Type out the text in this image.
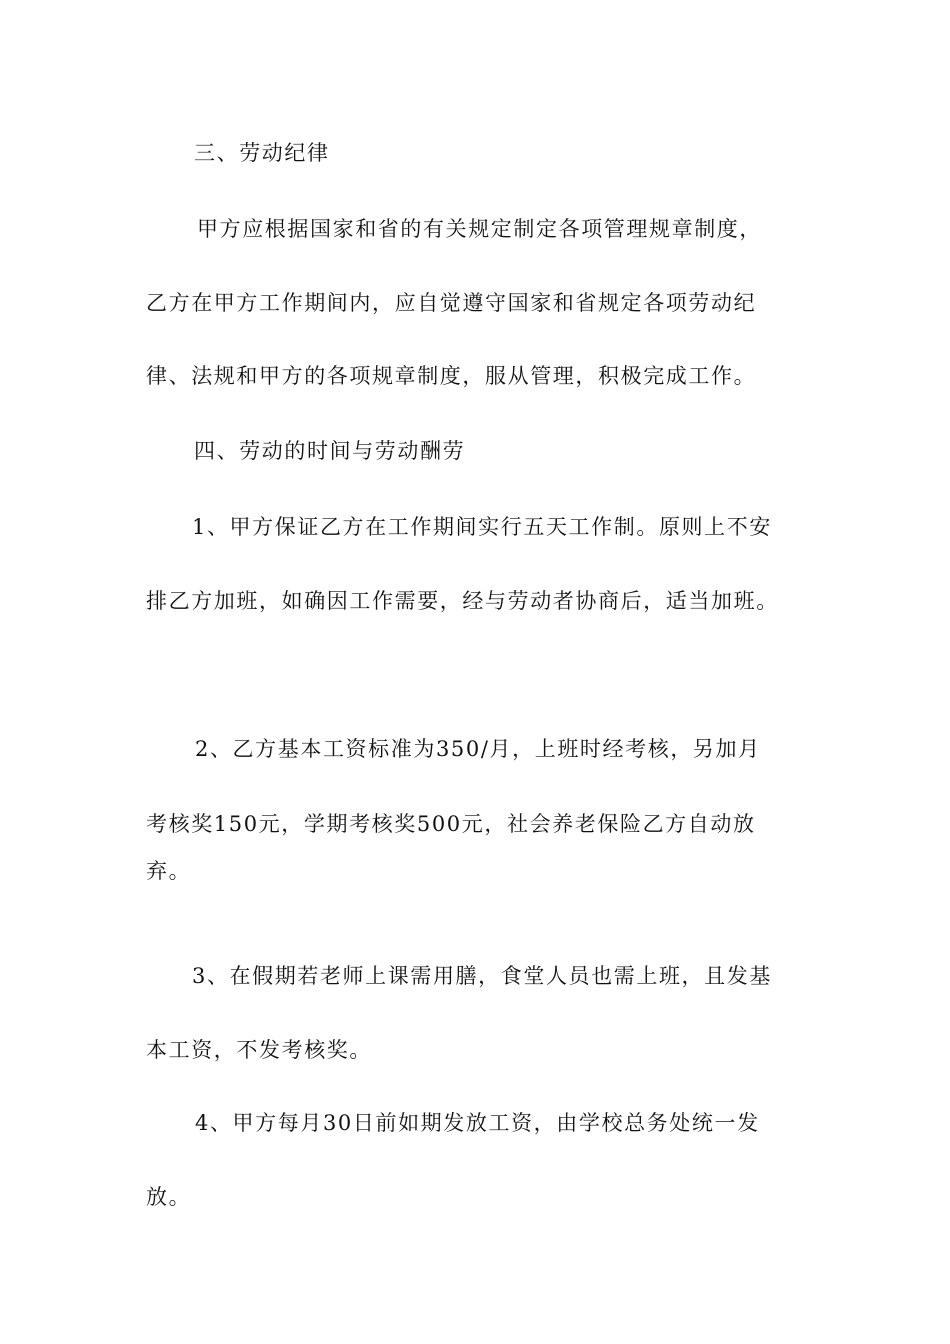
三、劳动纪律
甲方应根据国家和省的有关规定制定各项管理规章制度，
乙方在甲方工作期间内，应自觉遵守国家和省规定各项劳动纪
律、法规和甲方的各项规章制度，服从管理，积极完成工作。
四、劳动的时间与劳动酬劳
1、甲方保证乙方在工作期间实行五天工作制。原则上不安
排乙方加班，如确因工作需要，经与劳动者协商后，适当加班。
2、乙方基本工资标准为350/月，上班时经考核，另加月
考核奖150元，学期考核奖500元，社会养老保险乙方自动放
弃。
3、在假期若老师上课需用膳，食堂人员也需上班，且发基
本工资，不发考核奖。
4、甲方每月30日前如期发放工资，由学校总务处统一发
放。
